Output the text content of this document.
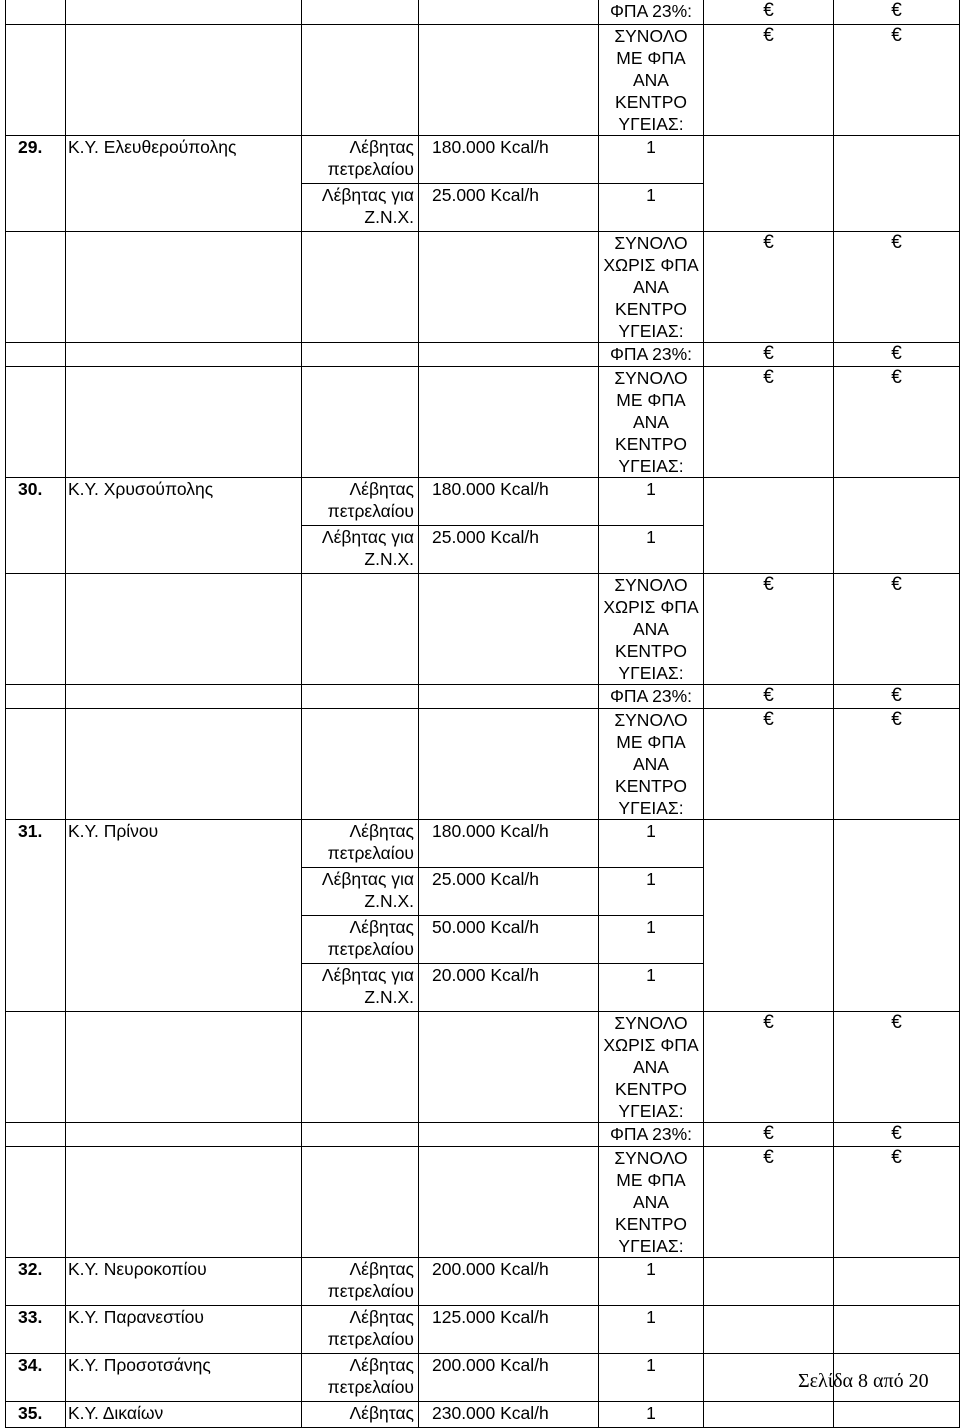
				ΦΠΑ 23%:	€	€
				ΣΥΝΟΛΟ ΜΕ ΦΠΑ ΑΝΑ ΚΕΝΤΡΟ ΥΓΕΙΑΣ:	€	€
29.	Κ.Υ. Ελευθερούπολης	Λέβητας πετρελαίου	180.000 Kcal/h	1		
		Λέβητας για Ζ.Ν.Χ.	25.000 Kcal/h	1		
				ΣΥΝΟΛΟ ΧΩΡΙΣ ΦΠΑ ΑΝΑ ΚΕΝΤΡΟ ΥΓΕΙΑΣ:	€	€
				ΦΠΑ 23%:	€	€
				ΣΥΝΟΛΟ ΜΕ ΦΠΑ ΑΝΑ ΚΕΝΤΡΟ ΥΓΕΙΑΣ:	€	€
30.	Κ.Υ. Χρυσούπολης	Λέβητας πετρελαίου	180.000 Kcal/h	1		
		Λέβητας για Ζ.Ν.Χ.	25.000 Kcal/h	1		
				ΣΥΝΟΛΟ ΧΩΡΙΣ ΦΠΑ ΑΝΑ ΚΕΝΤΡΟ ΥΓΕΙΑΣ:	€	€
				ΦΠΑ 23%:	€	€
				ΣΥΝΟΛΟ ΜΕ ΦΠΑ ΑΝΑ ΚΕΝΤΡΟ ΥΓΕΙΑΣ:	€	€
31.	Κ.Υ. Πρίνου	Λέβητας πετρελαίου	180.000 Kcal/h	1		
		Λέβητας για Ζ.Ν.Χ.	25.000 Kcal/h	1		
		Λέβητας πετρελαίου	50.000 Kcal/h	1		
		Λέβητας για Ζ.Ν.Χ.	20.000 Kcal/h	1		
				ΣΥΝΟΛΟ ΧΩΡΙΣ ΦΠΑ ΑΝΑ ΚΕΝΤΡΟ ΥΓΕΙΑΣ:	€	€
				ΦΠΑ 23%:	€	€
				ΣΥΝΟΛΟ ΜΕ ΦΠΑ ΑΝΑ ΚΕΝΤΡΟ ΥΓΕΙΑΣ:	€	€
32.	Κ.Υ. Νευροκοπίου	Λέβητας πετρελαίου	200.000 Kcal/h	1		
33.	Κ.Υ. Παρανεστίου	Λέβητας πετρελαίου	125.000 Kcal/h	1		
34.	Κ.Υ. Προσοτσάνης	Λέβητας πετρελαίου	200.000 Kcal/h	1		
35.	Κ.Υ. Δικαίων	Λέβητας	230.000 Kcal/h	1		
Σελίδα 8 από 20
